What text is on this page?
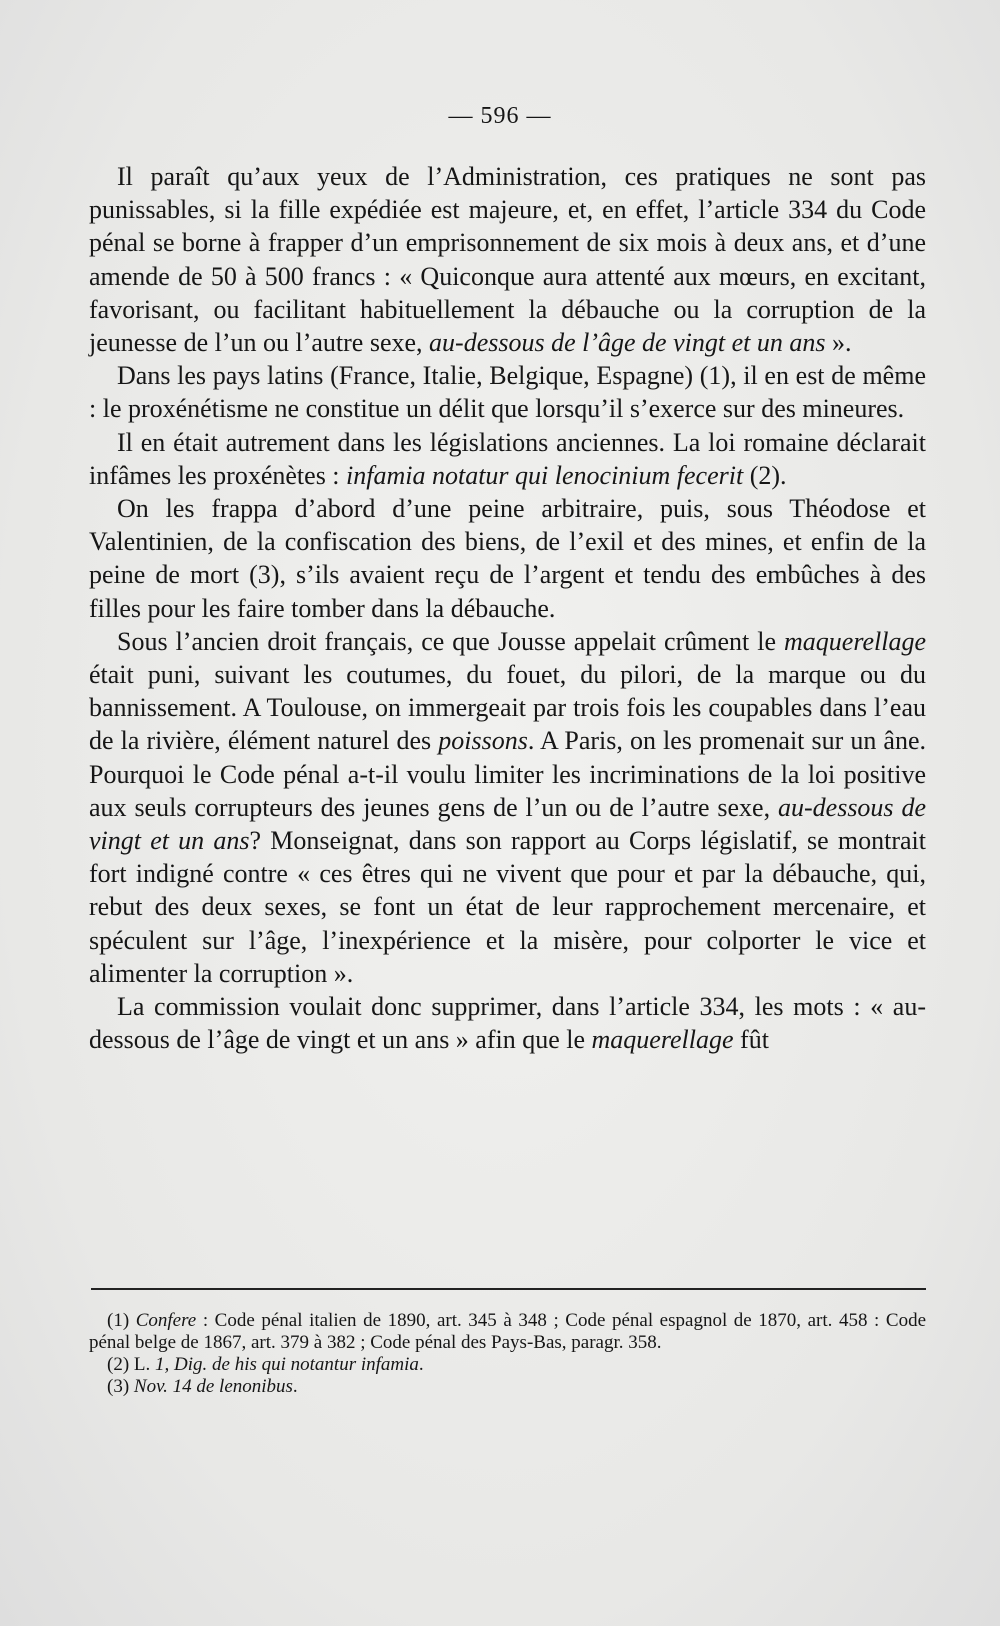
— 596 —

Il paraît qu’aux yeux de l’Administration, ces pratiques ne sont pas punissables, si la fille expédiée est majeure, et, en effet, l’article 334 du Code pénal se borne à frapper d’un emprisonnement de six mois à deux ans, et d’une amende de 50 à 500 francs : « Quiconque aura attenté aux mœurs, en excitant, favorisant, ou facilitant habituellement la débauche ou la corruption de la jeunesse de l’un ou l’autre sexe, au-dessous de l’âge de vingt et un ans ».

Dans les pays latins (France, Italie, Belgique, Espagne) (1), il en est de même : le proxénétisme ne constitue un délit que lorsqu’il s’exerce sur des mineures.

Il en était autrement dans les législations anciennes. La loi romaine déclarait infâmes les proxénètes : infamia notatur qui lenocinium fecerit (2).

On les frappa d’abord d’une peine arbitraire, puis, sous Théodose et Valentinien, de la confiscation des biens, de l’exil et des mines, et enfin de la peine de mort (3), s’ils avaient reçu de l’argent et tendu des embûches à des filles pour les faire tomber dans la débauche.

Sous l’ancien droit français, ce que Jousse appelait crûment le maquerellage était puni, suivant les coutumes, du fouet, du pilori, de la marque ou du bannissement. A Toulouse, on immergeait par trois fois les coupables dans l’eau de la rivière, élément naturel des poissons. A Paris, on les promenait sur un âne. Pourquoi le Code pénal a-t-il voulu limiter les incriminations de la loi positive aux seuls corrupteurs des jeunes gens de l’un ou de l’autre sexe, au-dessous de vingt et un ans? Monseignat, dans son rapport au Corps législatif, se montrait fort indigné contre « ces êtres qui ne vivent que pour et par la débauche, qui, rebut des deux sexes, se font un état de leur rapprochement mercenaire, et spéculent sur l’âge, l’inexpérience et la misère, pour colporter le vice et alimenter la corruption ».

La commission voulait donc supprimer, dans l’article 334, les mots : « au-dessous de l’âge de vingt et un ans » afin que le maquerellage fût

(1) Confere : Code pénal italien de 1890, art. 345 à 348 ; Code pénal espagnol de 1870, art. 458 : Code pénal belge de 1867, art. 379 à 382 ; Code pénal des Pays-Bas, paragr. 358.

(2) L. 1, Dig. de his qui notantur infamia.

(3) Nov. 14 de lenonibus.
